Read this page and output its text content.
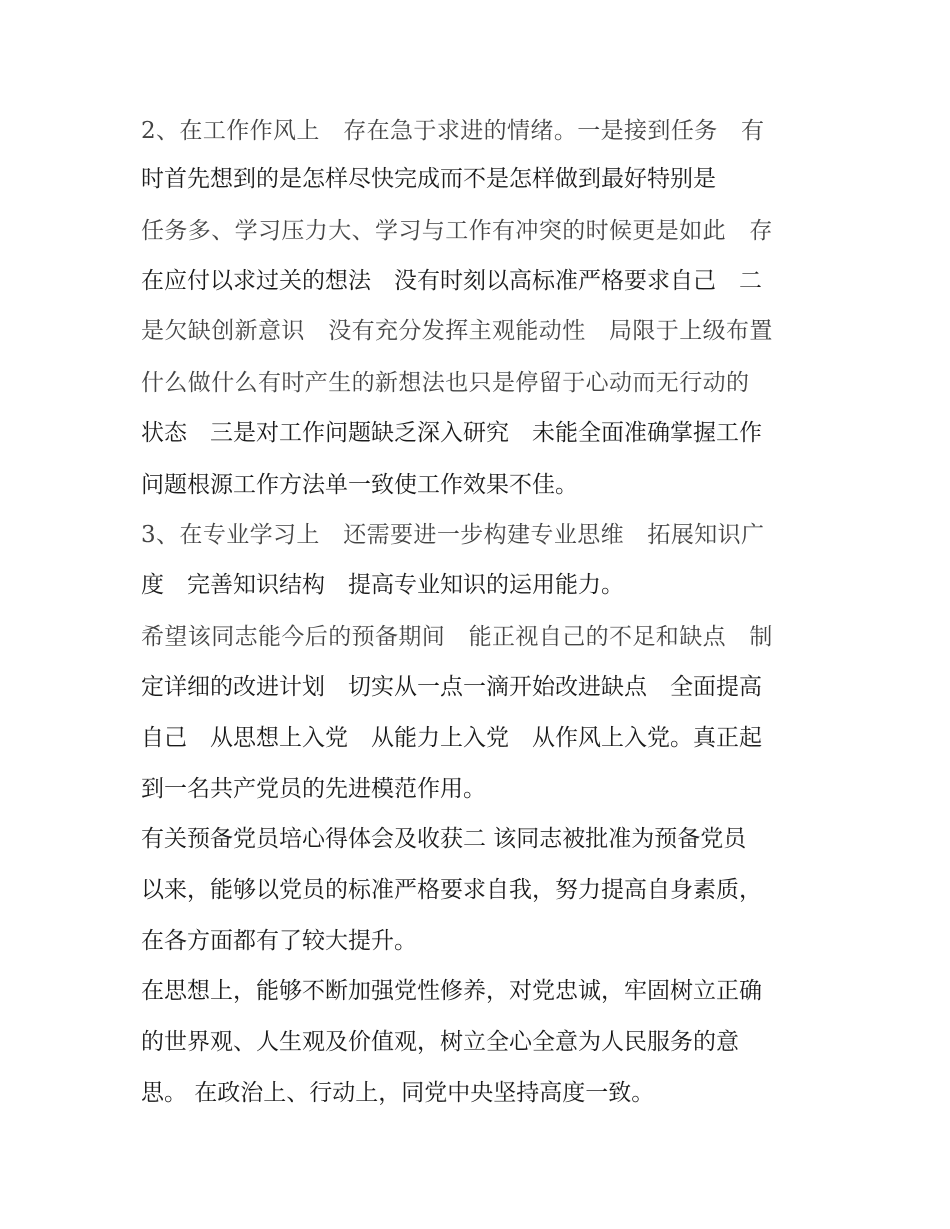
2、在工作作风上　存在急于求进的情绪。一是接到任务　有
时首先想到的是怎样尽快完成而不是怎样做到最好特别是
任务多、学习压力大、学习与工作有冲突的时候更是如此　存
在应付以求过关的想法　没有时刻以高标准严格要求自己　二
是欠缺创新意识　没有充分发挥主观能动性　局限于上级布置
什么做什么有时产生的新想法也只是停留于心动而无行动的
状态　三是对工作问题缺乏深入研究　未能全面准确掌握工作
问题根源工作方法单一致使工作效果不佳。
3、在专业学习上　还需要进一步构建专业思维　拓展知识广
度　完善知识结构　提高专业知识的运用能力。
希望该同志能今后的预备期间　能正视自己的不足和缺点　制
定详细的改进计划　切实从一点一滴开始改进缺点　全面提高
自己　从思想上入党　从能力上入党　从作风上入党。真正起
到一名共产党员的先进模范作用。
有关预备党员培心得体会及收获二 该同志被批准为预备党员
以来，能够以党员的标准严格要求自我，努力提高自身素质，
在各方面都有了较大提升。
在思想上，能够不断加强党性修养，对党忠诚，牢固树立正确
的世界观、人生观及价值观，树立全心全意为人民服务的意
思。 在政治上、行动上，同党中央坚持高度一致。
